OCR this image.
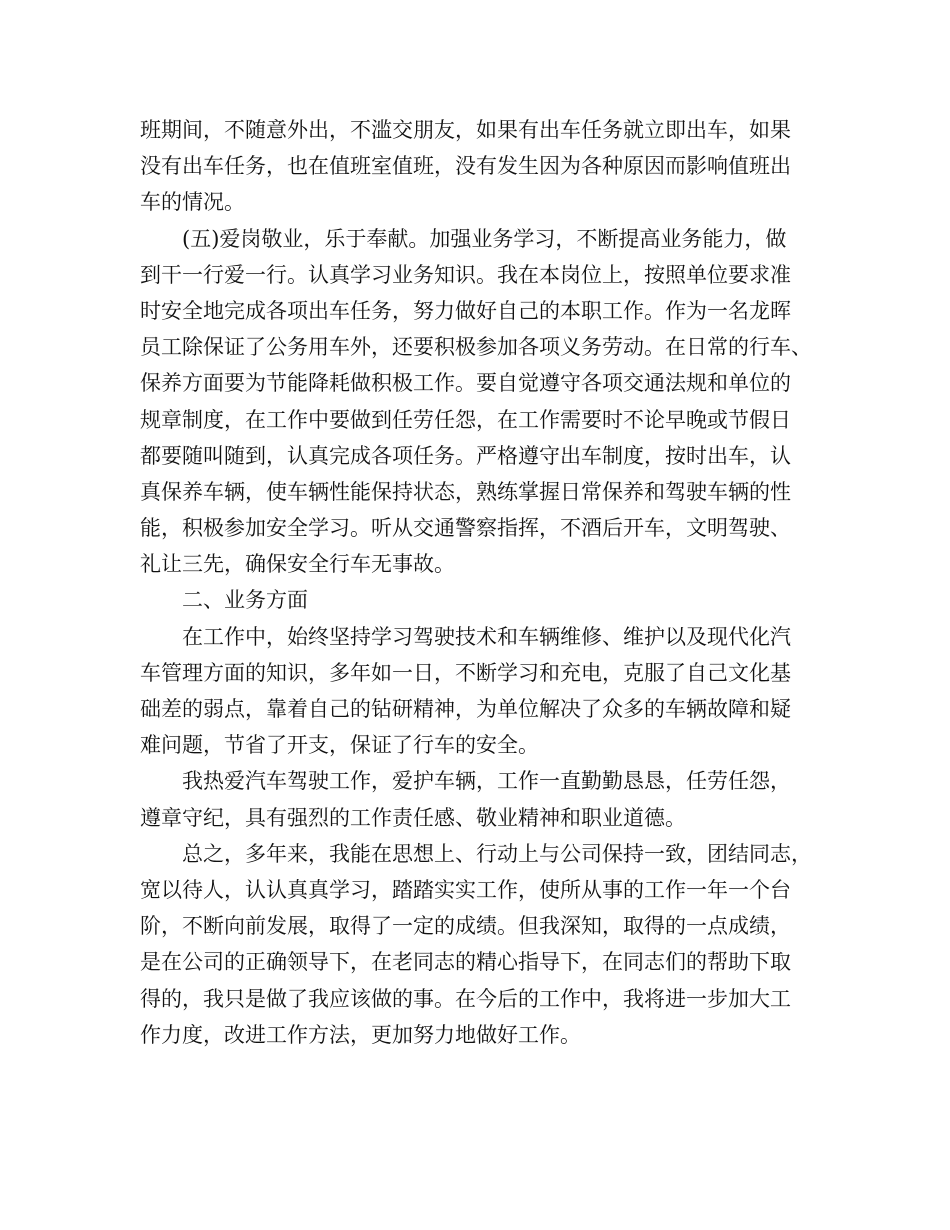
班期间，不随意外出，不滥交朋友，如果有出车任务就立即出车，如果
没有出车任务，也在值班室值班，没有发生因为各种原因而影响值班出
车的情况。
(五)爱岗敬业，乐于奉献。加强业务学习，不断提高业务能力，做
到干一行爱一行。认真学习业务知识。我在本岗位上，按照单位要求准
时安全地完成各项出车任务，努力做好自己的本职工作。作为一名龙晖
员工除保证了公务用车外，还要积极参加各项义务劳动。在日常的行车、
保养方面要为节能降耗做积极工作。要自觉遵守各项交通法规和单位的
规章制度，在工作中要做到任劳任怨，在工作需要时不论早晚或节假日
都要随叫随到，认真完成各项任务。严格遵守出车制度，按时出车，认
真保养车辆，使车辆性能保持状态，熟练掌握日常保养和驾驶车辆的性
能，积极参加安全学习。听从交通警察指挥，不酒后开车，文明驾驶、
礼让三先，确保安全行车无事故。
二、业务方面
在工作中，始终坚持学习驾驶技术和车辆维修、维护以及现代化汽
车管理方面的知识，多年如一日，不断学习和充电，克服了自己文化基
础差的弱点，靠着自己的钻研精神，为单位解决了众多的车辆故障和疑
难问题，节省了开支，保证了行车的安全。
我热爱汽车驾驶工作，爱护车辆，工作一直勤勤恳恳，任劳任怨，
遵章守纪，具有强烈的工作责任感、敬业精神和职业道德。
总之，多年来，我能在思想上、行动上与公司保持一致，团结同志，
宽以待人，认认真真学习，踏踏实实工作，使所从事的工作一年一个台
阶，不断向前发展，取得了一定的成绩。但我深知，取得的一点成绩，
是在公司的正确领导下，在老同志的精心指导下，在同志们的帮助下取
得的，我只是做了我应该做的事。在今后的工作中，我将进一步加大工
作力度，改进工作方法，更加努力地做好工作。
